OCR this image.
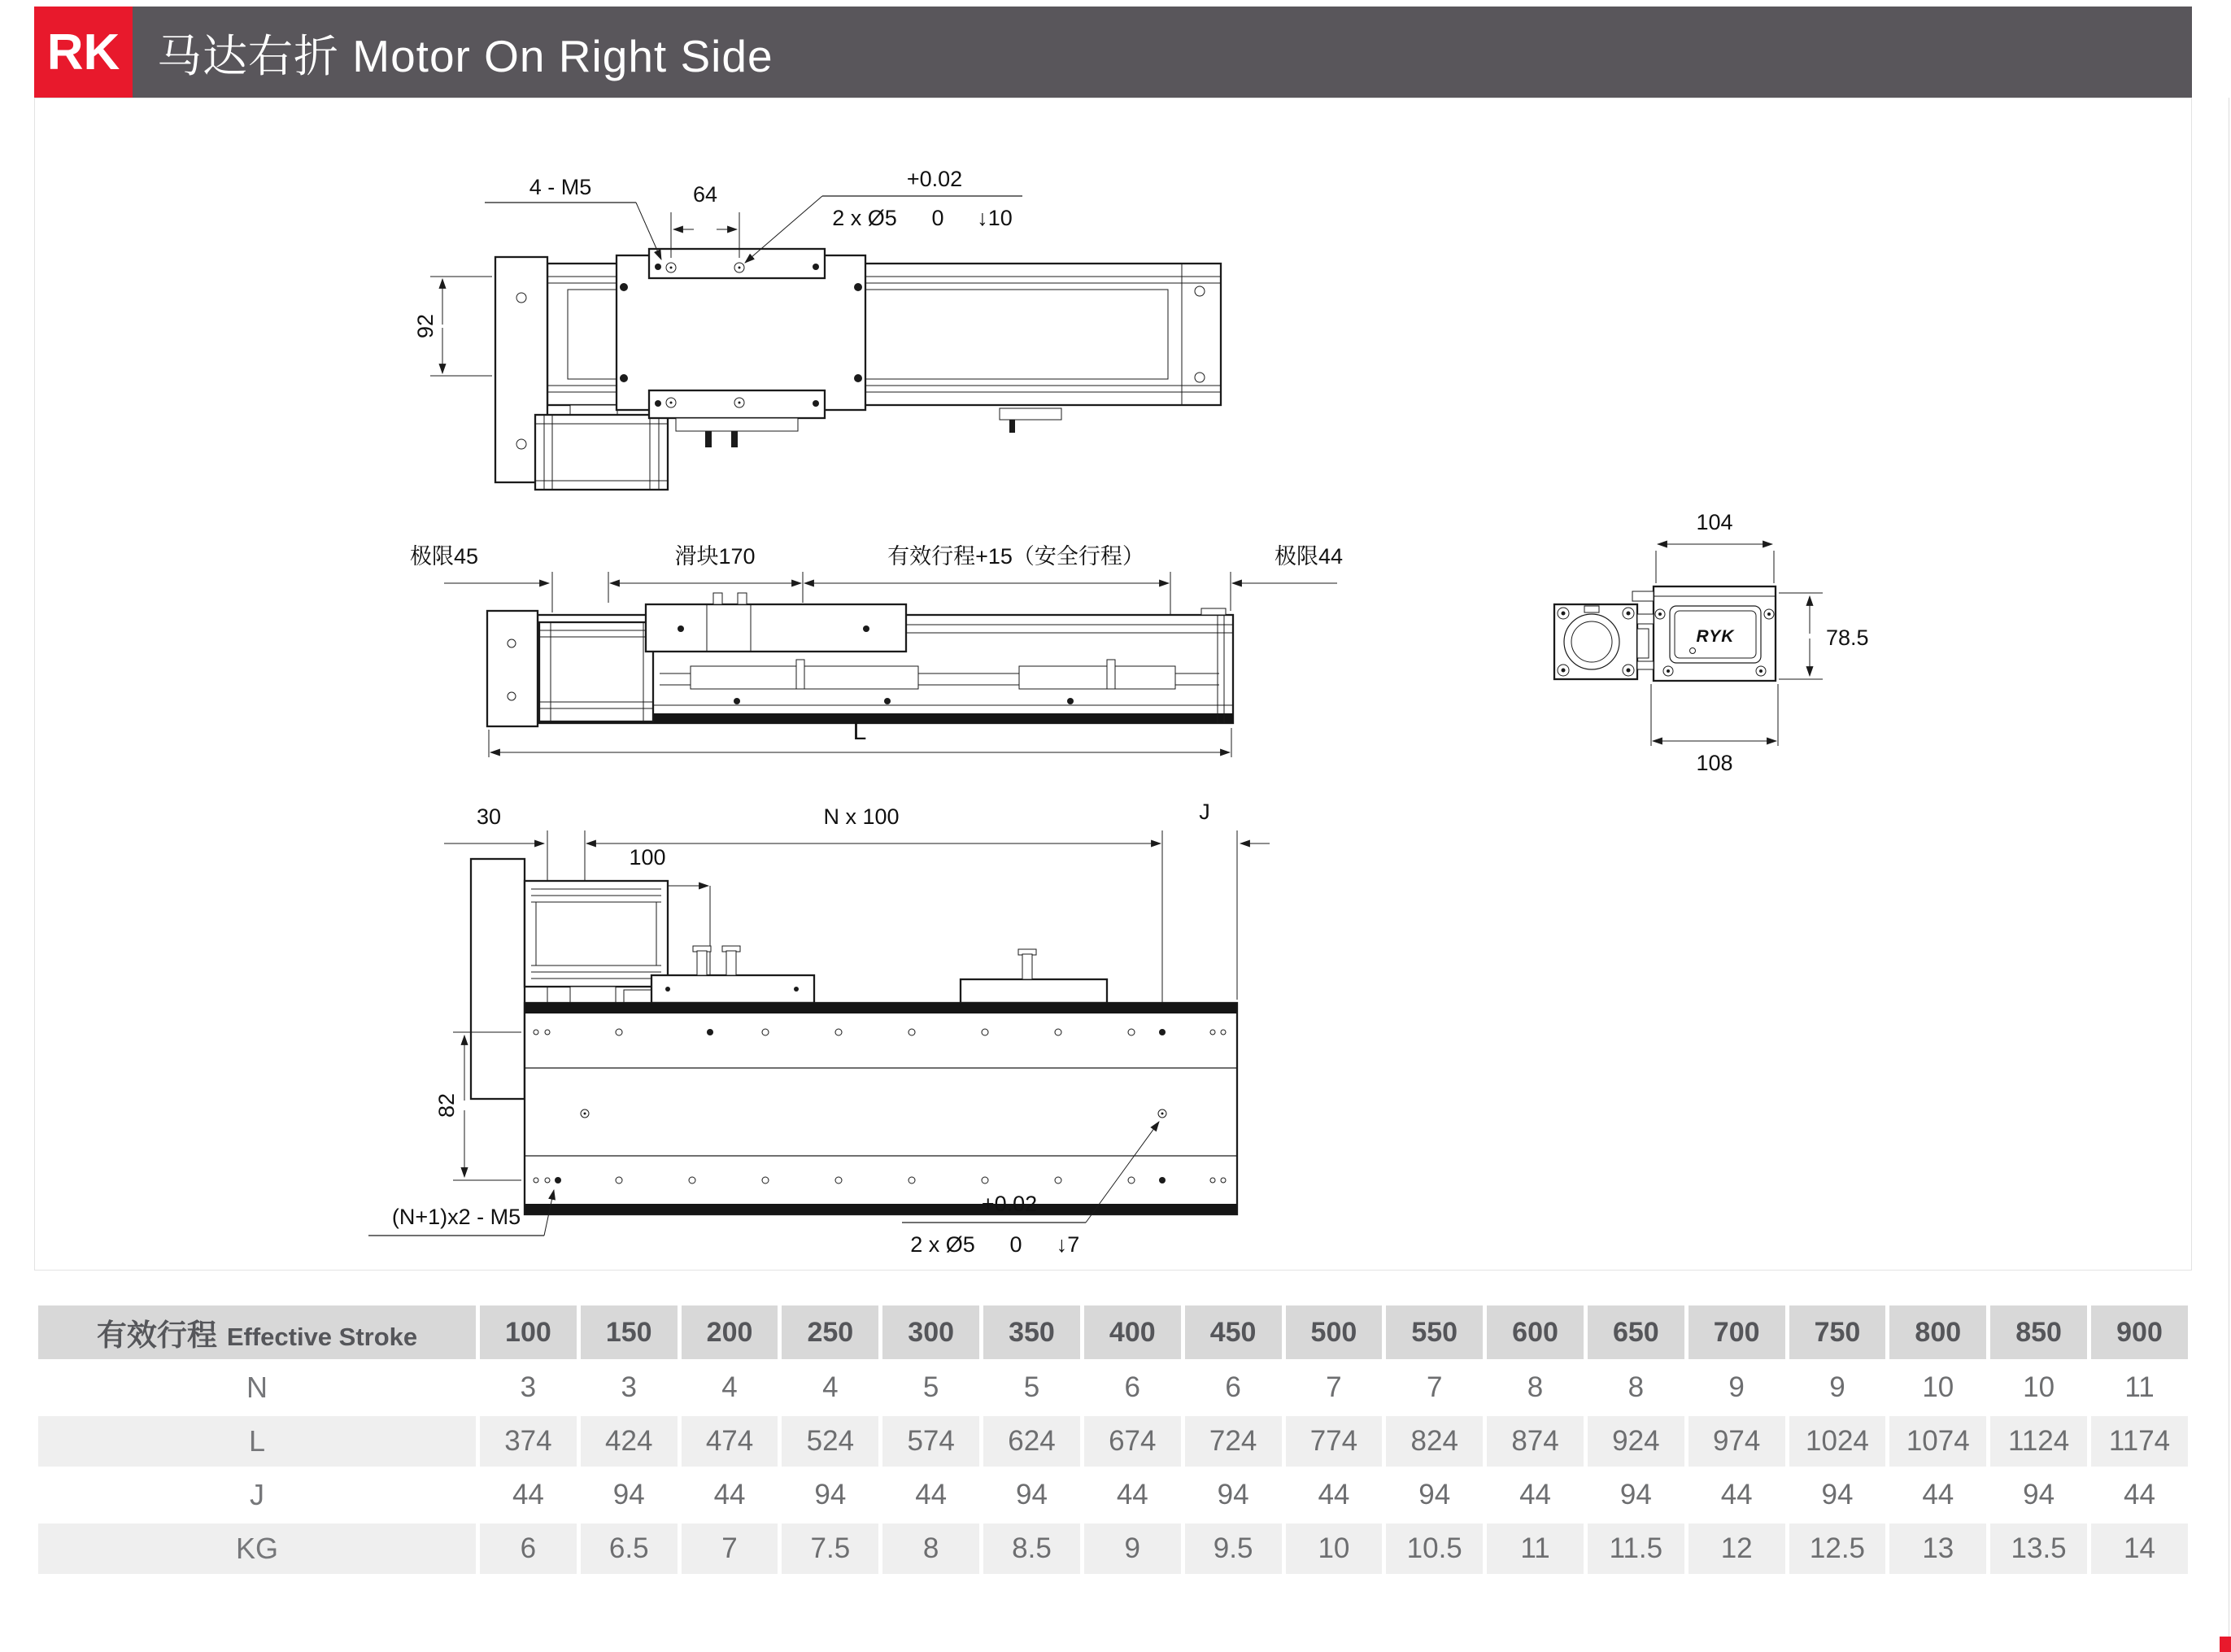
RK 马达右折 Motor On Right Side
92
4 - M5	64
+0.02
2 x Ø5 0 ↓10
极限45	滑块170	有效行程+15（安全行程）	极限44
L
104
RYK	78.5
108
30	N x 100	J
100
82
(N+1)x2 - M5
+0.02
2 x Ø5 0 ↓7
有效行程 Effective Stroke	100	150	200	250	300	350	400	450	500	550	600	650	700	750	800	850	900
N	3	3	4	4	5	5	6	6	7	7	8	8	9	9	10	10	11
L	374	424	474	524	574	624	674	724	774	824	874	924	974	1024	1074	1124	1174
J	44	94	44	94	44	94	44	94	44	94	44	94	44	94	44	94	44
KG	6	6.5	7	7.5	8	8.5	9	9.5	10	10.5	11	11.5	12	12.5	13	13.5	14
